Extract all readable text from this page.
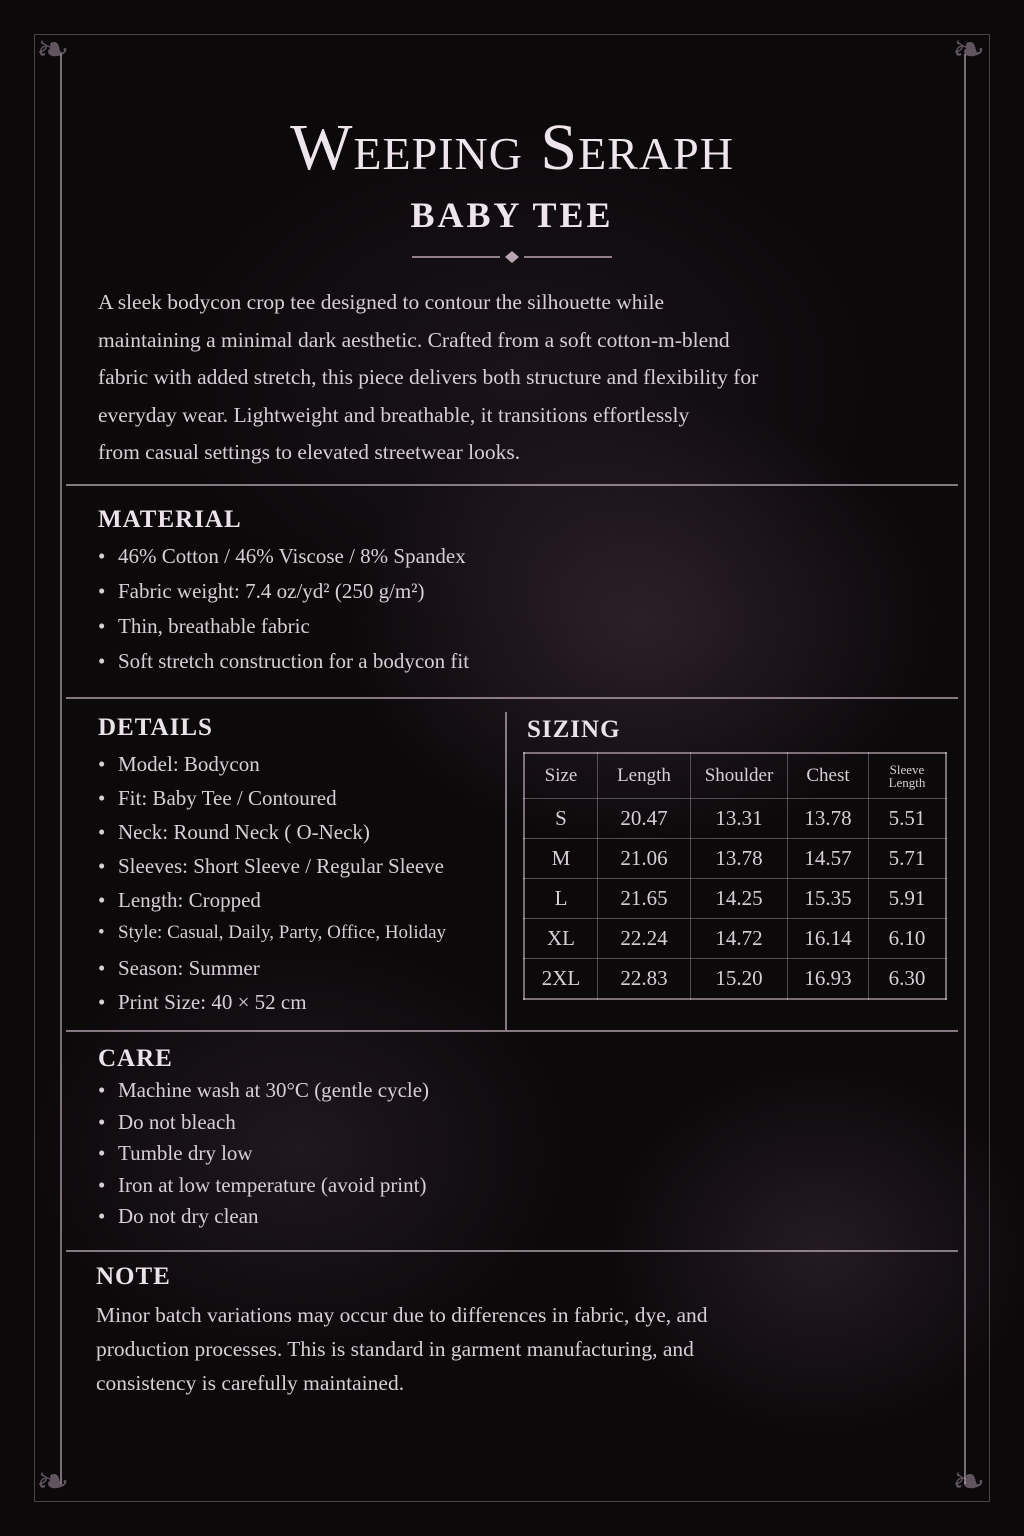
❧	❧
❧	❧
Weeping Seraph
BABY TEE
A sleek bodycon crop tee designed to contour the silhouette while
maintaining a minimal dark aesthetic. Crafted from a soft cotton-m-blend
fabric with added stretch, this piece delivers both structure and flexibility for
everyday wear. Lightweight and breathable, it transitions effortlessly
from casual settings to elevated streetwear looks.
MATERIAL
• 46% Cotton / 46% Viscose / 8% Spandex
• Fabric weight: 7.4 oz/yd² (250 g/m²)
• Thin, breathable fabric
• Soft stretch construction for a bodycon fit
DETAILS
• Model: Bodycon
• Fit: Baby Tee / Contoured
• Neck: Round Neck ( O-Neck)
• Sleeves: Short Sleeve / Regular Sleeve
• Length: Cropped
• Style: Casual, Daily, Party, Office, Holiday
• Season: Summer
• Print Size: 40 × 52 cm
SIZING
Size	Length	Shoulder	Chest	Sleeve
Length

S	20.47	13.31	13.78	5.51
M	21.06	13.78	14.57	5.71
L	21.65	14.25	15.35	5.91
XL	22.24	14.72	16.14	6.10
2XL	22.83	15.20	16.93	6.30
CARE
• Machine wash at 30°C (gentle cycle)
• Do not bleach
• Tumble dry low
• Iron at low temperature (avoid print)
• Do not dry clean
NOTE
Minor batch variations may occur due to differences in fabric, dye, and
production processes. This is standard in garment manufacturing, and
consistency is carefully maintained.
